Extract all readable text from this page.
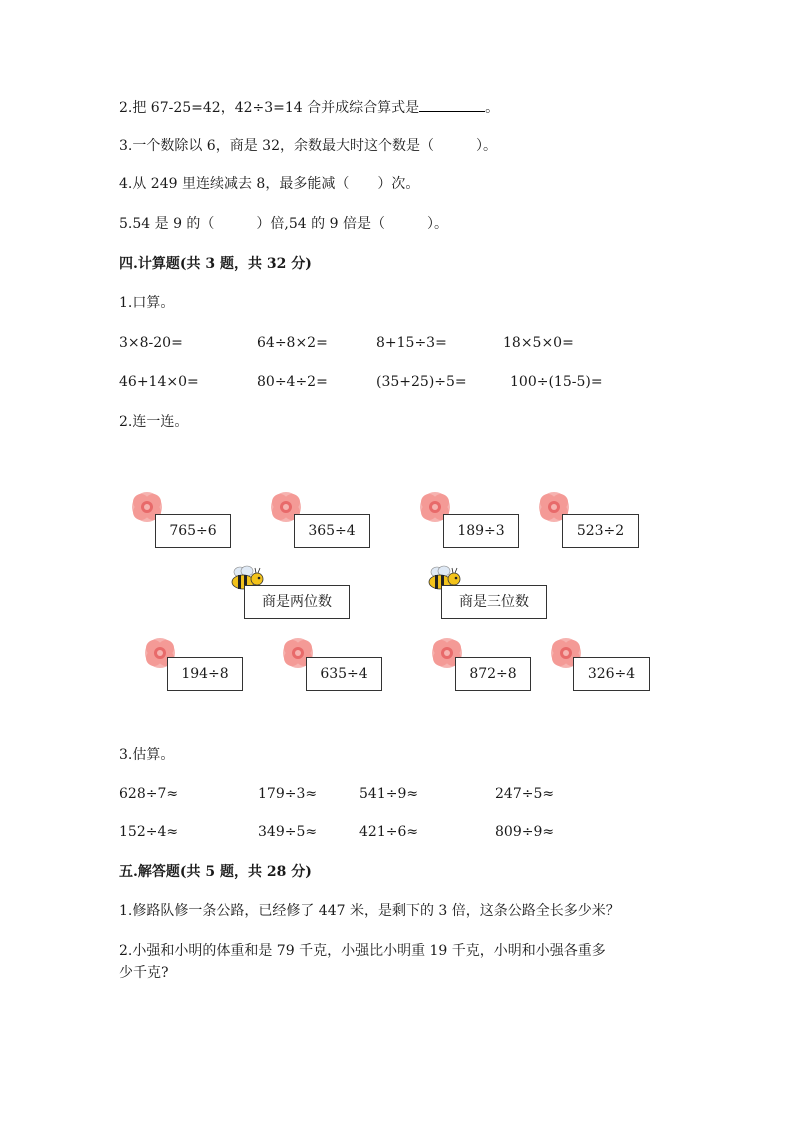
2.把 67-25=42，42÷3=14 合并成综合算式是	。
3.一个数除以 6，商是 32，余数最大时这个数是（　　　）。
4.从 249 里连续减去 8，最多能减（　　）次。
5.54 是 9 的（　　　）倍,54 的 9 倍是（　　　）。
四.计算题(共 3 题，共 32 分)
1.口算。
3×8-20=	64÷8×2=	8+15÷3=	18×5×0=
46+14×0=	80÷4÷2=	(35+25)÷5=	100÷(15-5)=
2.连一连。
765÷6	365÷4	189÷3	523÷2
商是两位数	商是三位数
194÷8	635÷4	872÷8	326÷4
3.估算。
628÷7≈	179÷3≈	541÷9≈	247÷5≈
152÷4≈	349÷5≈	421÷6≈	809÷9≈
五.解答题(共 5 题，共 28 分)
1.修路队修一条公路，已经修了 447 米，是剩下的 3 倍，这条公路全长多少米？
2.小强和小明的体重和是 79 千克，小强比小明重 19 千克，小明和小强各重多
少千克?
